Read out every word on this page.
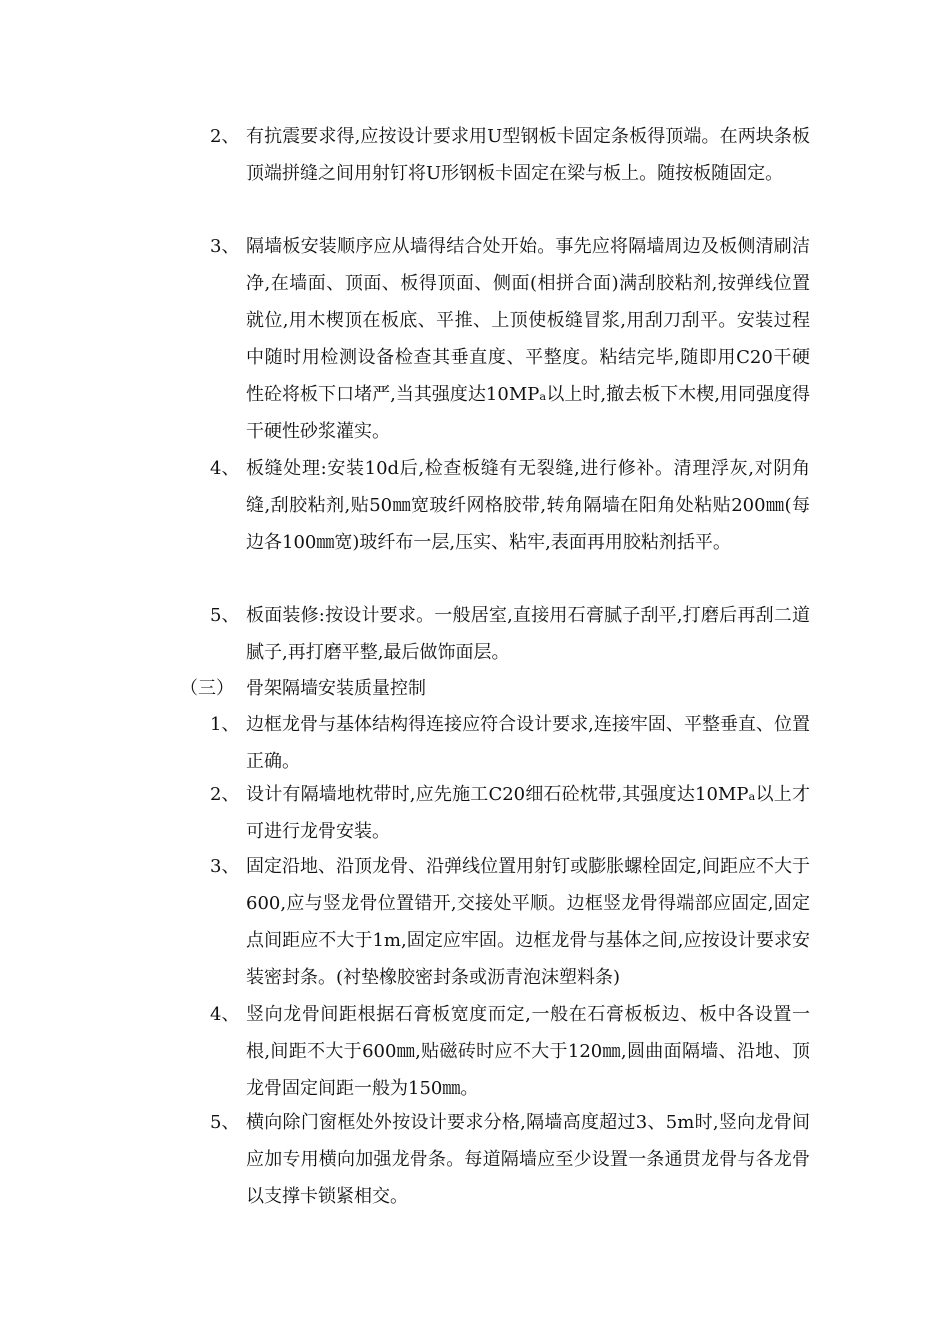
2、 有抗震要求得,应按设计要求用U型钢板卡固定条板得顶端。在两块条板顶端拼缝之间用射钉将U形钢板卡固定在梁与板上。随按板随固定。
3、 隔墙板安装顺序应从墙得结合处开始。事先应将隔墙周边及板侧清刷洁净,在墙面、顶面、板得顶面、侧面(相拼合面)满刮胶粘剂,按弹线位置就位,用木楔顶在板底、平推、上顶使板缝冒浆,用刮刀刮平。安装过程中随时用检测设备检查其垂直度、平整度。粘结完毕,随即用C20干硬性砼将板下口堵严,当其强度达10MPₐ以上时,撤去板下木楔,用同强度得干硬性砂浆灌实。
4、 板缝处理:安装10d后,检查板缝有无裂缝,进行修补。清理浮灰,对阴角缝,刮胶粘剂,贴50㎜宽玻纤网格胶带,转角隔墙在阳角处粘贴200㎜(每边各100㎜宽)玻纤布一层,压实、粘牢,表面再用胶粘剂括平。
5、 板面装修:按设计要求。一般居室,直接用石膏腻子刮平,打磨后再刮二道腻子,再打磨平整,最后做饰面层。
（三） 骨架隔墙安装质量控制
1、 边框龙骨与基体结构得连接应符合设计要求,连接牢固、平整垂直、位置正确。
2、 设计有隔墙地枕带时,应先施工C20细石砼枕带,其强度达10MPₐ以上才可进行龙骨安装。
3、 固定沿地、沿顶龙骨、沿弹线位置用射钉或膨胀螺栓固定,间距应不大于600,应与竖龙骨位置错开,交接处平顺。边框竖龙骨得端部应固定,固定点间距应不大于1m,固定应牢固。边框龙骨与基体之间,应按设计要求安装密封条。(衬垫橡胶密封条或沥青泡沫塑料条)
4、 竖向龙骨间距根据石膏板宽度而定,一般在石膏板板边、板中各设置一根,间距不大于600㎜,贴磁砖时应不大于120㎜,圆曲面隔墙、沿地、顶龙骨固定间距一般为150㎜。
5、 横向除门窗框处外按设计要求分格,隔墙高度超过3、5m时,竖向龙骨间应加专用横向加强龙骨条。每道隔墙应至少设置一条通贯龙骨与各龙骨以支撑卡锁紧相交。
